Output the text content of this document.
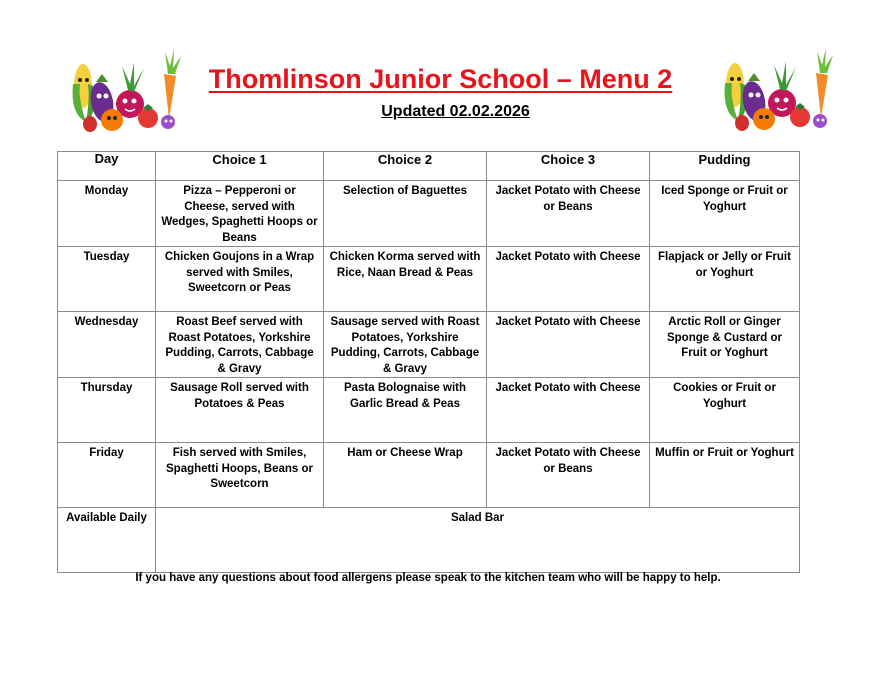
Thomlinson Junior School – Menu 2
Updated 02.02.2026
Day	Choice 1	Choice 2	Choice 3	Pudding
Monday	Pizza – Pepperoni or Cheese, served with Wedges, Spaghetti Hoops or Beans	Selection of Baguettes	Jacket Potato with Cheese or Beans	Iced Sponge or Fruit or Yoghurt
Tuesday	Chicken Goujons in a Wrap served with Smiles, Sweetcorn or Peas	Chicken Korma served with Rice, Naan Bread & Peas	Jacket Potato with Cheese	Flapjack or Jelly or Fruit or Yoghurt
Wednesday	Roast Beef served with Roast Potatoes, Yorkshire Pudding, Carrots, Cabbage & Gravy	Sausage served with Roast Potatoes, Yorkshire Pudding, Carrots, Cabbage & Gravy	Jacket Potato with Cheese	Arctic Roll or Ginger Sponge & Custard or Fruit or Yoghurt
Thursday	Sausage Roll served with Potatoes & Peas	Pasta Bolognaise with Garlic Bread & Peas	Jacket Potato with Cheese	Cookies or Fruit or Yoghurt
Friday	Fish served with Smiles, Spaghetti Hoops, Beans or Sweetcorn	Ham or Cheese Wrap	Jacket Potato with Cheese or Beans	Muffin or Fruit or Yoghurt
Available Daily	Salad Bar			
If you have any questions about food allergens please speak to the kitchen team who will be happy to help.
